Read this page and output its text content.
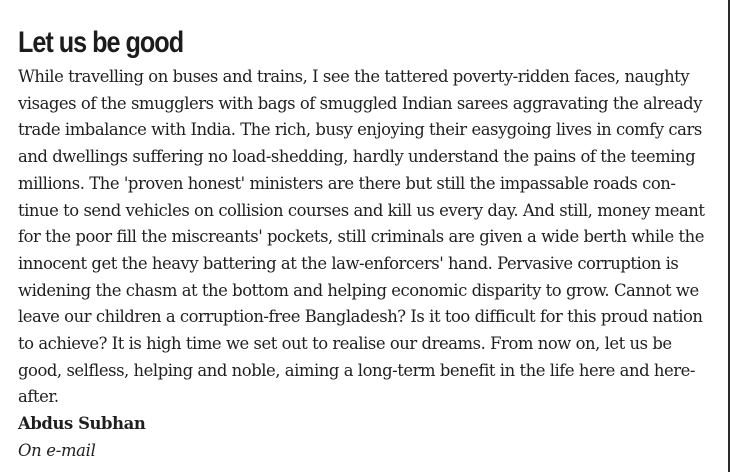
Let us be good
While travelling on buses and trains, I see the tattered poverty-ridden faces, naughty
visages of the smugglers with bags of smuggled Indian sarees aggravating the already
trade imbalance with India. The rich, busy enjoying their easygoing lives in comfy cars
and dwellings suffering no load-shedding, hardly understand the pains of the teeming
millions. The 'proven honest' ministers are there but still the impassable roads con-
tinue to send vehicles on collision courses and kill us every day. And still, money meant
for the poor fill the miscreants' pockets, still criminals are given a wide berth while the
innocent get the heavy battering at the law-enforcers' hand. Pervasive corruption is
widening the chasm at the bottom and helping economic disparity to grow. Cannot we
leave our children a corruption-free Bangladesh? Is it too difficult for this proud nation
to achieve? It is high time we set out to realise our dreams. From now on, let us be
good, selfless, helping and noble, aiming a long-term benefit in the life here and here-
after.
Abdus Subhan
On e-mail
